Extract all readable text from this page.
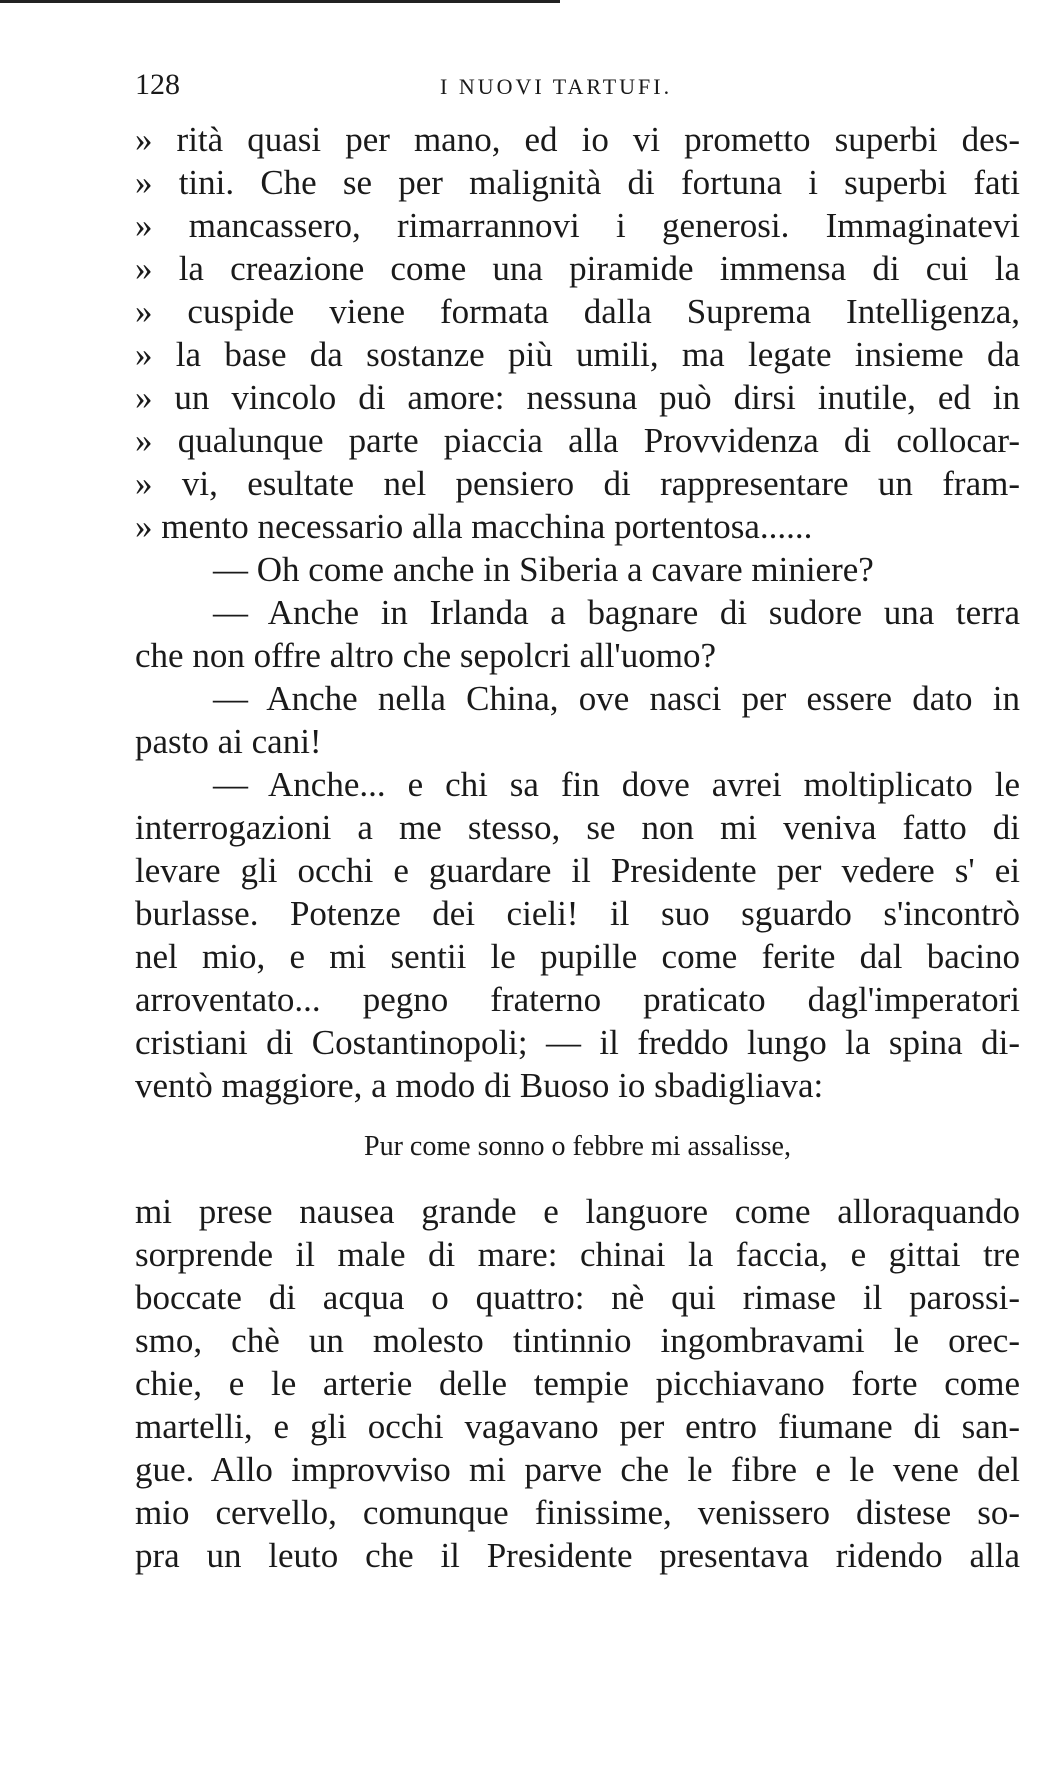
128	I NUOVI TARTUFI.
» rità quasi per mano, ed io vi prometto superbi des-
» tini. Che se per malignità di fortuna i superbi fati
» mancassero, rimarrannovi i generosi. Immaginatevi
» la creazione come una piramide immensa di cui la
» cuspide viene formata dalla Suprema Intelligenza,
» la base da sostanze più umili, ma legate insieme da
» un vincolo di amore: nessuna può dirsi inutile, ed in
» qualunque parte piaccia alla Provvidenza di collocar-
» vi, esultate nel pensiero di rappresentare un fram-
» mento necessario alla macchina portentosa......
— Oh come anche in Siberia a cavare miniere?
— Anche in Irlanda a bagnare di sudore una terra
che non offre altro che sepolcri all'uomo?
— Anche nella China, ove nasci per essere dato in
pasto ai cani!
— Anche... e chi sa fin dove avrei moltiplicato le
interrogazioni a me stesso, se non mi veniva fatto di
levare gli occhi e guardare il Presidente per vedere s' ei
burlasse. Potenze dei cieli! il suo sguardo s'incontrò
nel mio, e mi sentii le pupille come ferite dal bacino
arroventato... pegno fraterno praticato dagl'imperatori
cristiani di Costantinopoli; — il freddo lungo la spina di-
ventò maggiore, a modo di Buoso io sbadigliava:
Pur come sonno o febbre mi assalisse,
mi prese nausea grande e languore come alloraquando
sorprende il male di mare: chinai la faccia, e gittai tre
boccate di acqua o quattro: nè qui rimase il parossi-
smo, chè un molesto tintinnio ingombravami le orec-
chie, e le arterie delle tempie picchiavano forte come
martelli, e gli occhi vagavano per entro fiumane di san-
gue. Allo improvviso mi parve che le fibre e le vene del
mio cervello, comunque finissime, venissero distese so-
pra un leuto che il Presidente presentava ridendo alla
